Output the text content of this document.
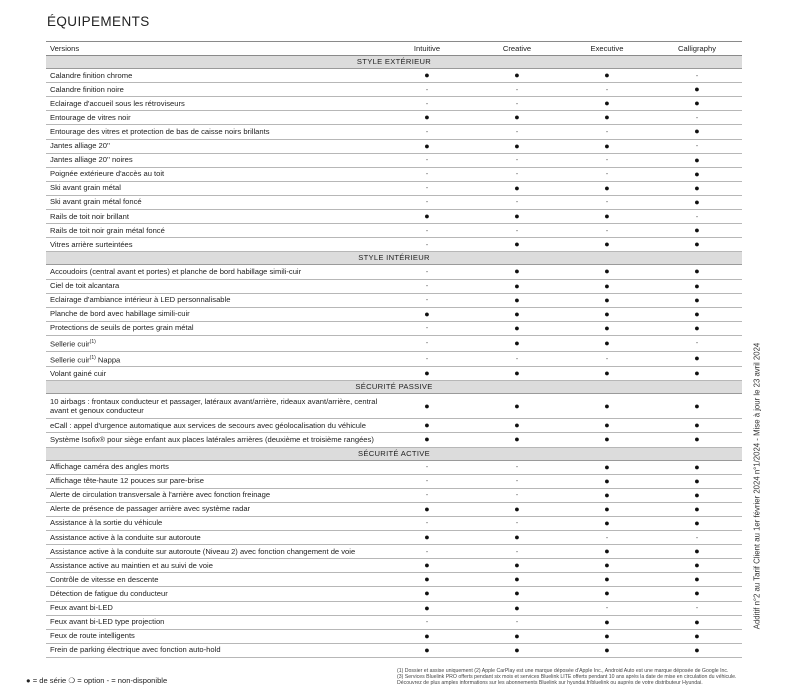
ÉQUIPEMENTS
Versions	Intuitive	Creative	Executive	Calligraphy
STYLE EXTÉRIEUR				
Calandre finition chrome	●	●	●	-
Calandre finition noire	-	-	-	●
Eclairage d'accueil sous les rétroviseurs	-	-	●	●
Entourage de vitres noir	●	●	●	-
Entourage des vitres et protection de bas de caisse noirs brillants	-	-	-	●
Jantes alliage 20''	●	●	●	-
Jantes alliage 20'' noires	-	-	-	●
Poignée extérieure d'accès au toit	-	-	-	●
Ski avant grain métal	-	●	●	●
Ski avant grain métal foncé	-	-	-	●
Rails de toit noir brillant	●	●	●	-
Rails de toit noir grain métal foncé	-	-	-	●
Vitres arrière surteintées	-	●	●	●
STYLE INTÉRIEUR				
Accoudoirs (central avant et portes) et planche de bord habillage simili-cuir	-	●	●	●
Ciel de toit alcantara	-	●	●	●
Eclairage d'ambiance intérieur à LED personnalisable	-	●	●	●
Planche de bord avec habillage simili-cuir	●	●	●	●
Protections de seuils de portes grain métal	-	●	●	●
Sellerie cuir$^{(1)}$	-	●	●	-
Sellerie cuir$^{(1)}$ Nappa	-	-	-	●
Volant gainé cuir	●	●	●	●
SÉCURITÉ PASSIVE				
10 airbags : frontaux conducteur et passager, latéraux avant/arrière, rideaux avant/arrière, central avant et genoux conducteur	●	●	●	●
eCall : appel d'urgence automatique aux services de secours avec géolocalisation du véhicule	●	●	●	●
Système Isofix® pour siège enfant aux places latérales arrières (deuxième et troisième rangées)	●	●	●	●
SÉCURITÉ ACTIVE				
Affichage caméra des angles morts	-	-	●	●
Affichage tête-haute 12 pouces sur pare-brise	-	-	●	●
Alerte de circulation transversale à l'arrière avec fonction freinage	-	-	●	●
Alerte de présence de passager arrière avec système radar	●	●	●	●
Assistance à la sortie du véhicule	-	-	●	●
Assistance active à la conduite sur autoroute	●	●	-	-
Assistance active à la conduite sur autoroute (Niveau 2) avec fonction changement de voie	-	-	●	●
Assistance active au maintien et au suivi de voie	●	●	●	●
Contrôle de vitesse en descente	●	●	●	●
Détection de fatigue du conducteur	●	●	●	●
Feux avant bi-LED	●	●	-	-
Feux avant bi-LED type projection	-	-	●	●
Feux de route intelligents	●	●	●	●
Frein de parking électrique avec fonction auto-hold	●	●	●	●
Additif n°2 au Tarif Client au 1er février 2024 n°1/2024 - Mise à jour le 23 avril 2024
● = de série ❍ = option - = non-disponible
(1) Dossier et assise uniquement (2) Apple CarPlay est une marque déposée d'Apple Inc., Android Auto est une marque déposée de Google Inc.
(3) Services Bluelink PRO offerts pendant six mois et services Bluelink LITE offerts pendant 10 ans après la date de mise en circulation du véhicule.
Découvrez de plus amples informations sur les abonnements Bluelink sur hyundai.fr/bluelink ou auprès de votre distributeur Hyundai.
